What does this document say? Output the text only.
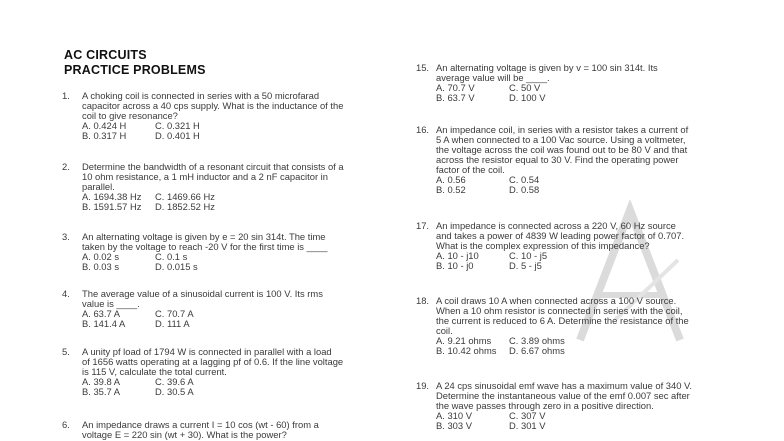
AC CIRCUITS
PRACTICE PROBLEMS
1. A choking coil is connected in series with a 50 microfarad
capacitor across a 40 cps supply. What is the inductance of the
coil to give resonance?
A. 0.424 H	C. 0.321 H
B. 0.317 H	D. 0.401 H
2. Determine the bandwidth of a resonant circuit that consists of a
10 ohm resistance, a 1 mH inductor and a 2 nF capacitor in
parallel.
A. 1694.38 Hz	C. 1469.66 Hz
B. 1591.57 Hz	D. 1852.52 Hz
3. An alternating voltage is given by e = 20 sin 314t. The time
taken by the voltage to reach -20 V for the first time is ____
A. 0.02 s	C. 0.1 s
B. 0.03 s	D. 0.015 s
4. The average value of a sinusoidal current is 100 V. Its rms
value is ____.
A. 63.7 A	C. 70.7 A
B. 141.4 A	D. 111 A
5. A unity pf load of 1794 W is connected in parallel with a load
of 1656 watts operating at a lagging pf of 0.6. If the line voltage
is 115 V, calculate the total current.
A. 39.8 A	C. 39.6 A
B. 35.7 A	D. 30.5 A
6. An impedance draws a current I = 10 cos (wt - 60) from a
voltage E = 220 sin (wt + 30). What is the power?
15. An alternating voltage is given by v = 100 sin 314t. Its
average value will be ____.
A. 70.7 V	C. 50 V
B. 63.7 V	D. 100 V
16. An impedance coil, in series with a resistor takes a current of
5 A when connected to a 100 Vac source. Using a voltmeter,
the voltage across the coil was found out to be 80 V and that
across the resistor equal to 30 V. Find the operating power
factor of the coil.
A. 0.56	C. 0.54
B. 0.52	D. 0.58
17. An impedance is connected across a 220 V, 60 Hz source
and takes a power of 4839 W leading power factor of 0.707.
What is the complex expression of this impedance?
A. 10 - j10	C. 10 - j5
B. 10 - j0	D. 5 - j5
18. A coil draws 10 A when connected across a 100 V source.
When a 10 ohm resistor is connected in series with the coil,
the current is reduced to 6 A. Determine the resistance of the
coil.
A. 9.21 ohms	C. 3.89 ohms
B. 10.42 ohms	D. 6.67 ohms
19. A 24 cps sinusoidal emf wave has a maximum value of 340 V.
Determine the instantaneous value of the emf 0.007 sec after
the wave passes through zero in a positive direction.
A. 310 V	C. 307 V
B. 303 V	D. 301 V
